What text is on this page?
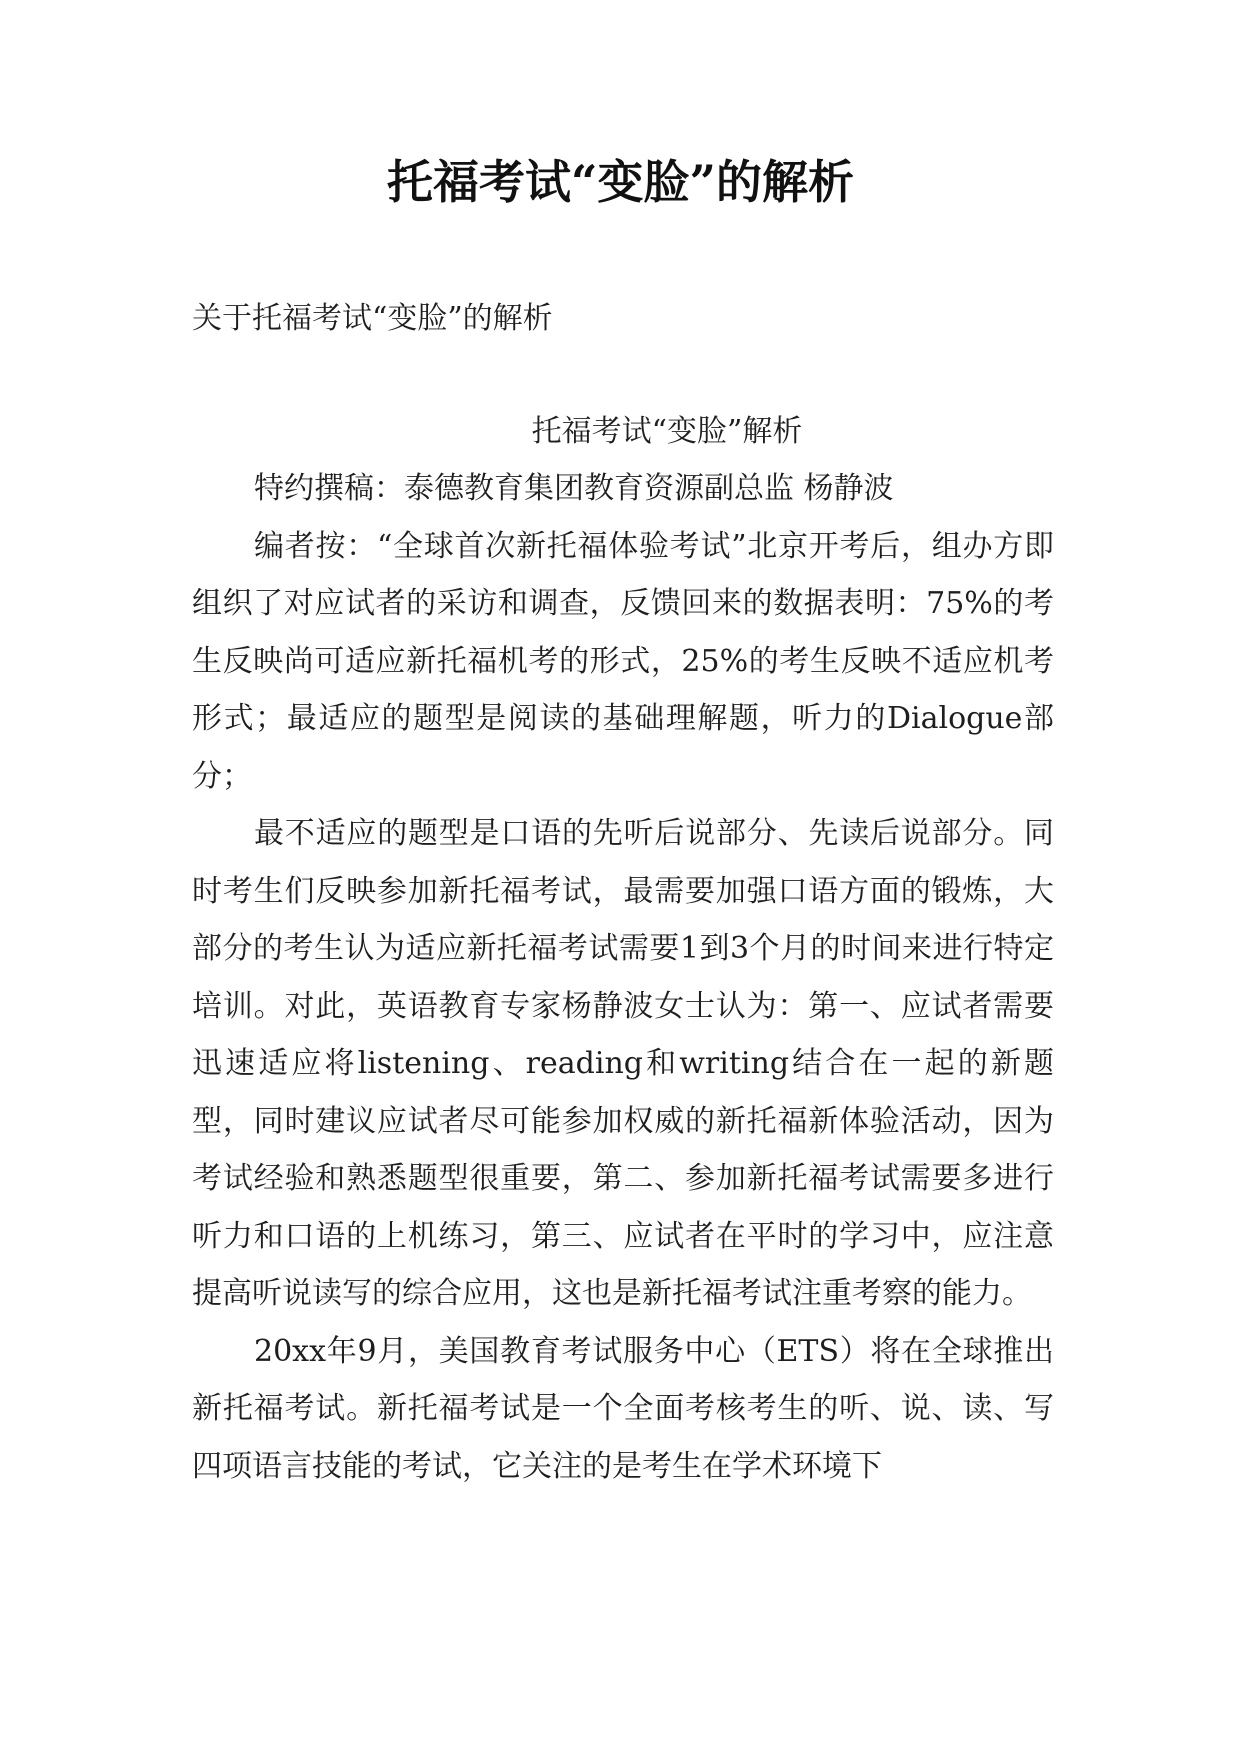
托福考试“变脸”的解析

关于托福考试“变脸”的解析

托福考试“变脸”解析

特约撰稿：泰德教育集团教育资源副总监 杨静波

编者按：“全球首次新托福体验考试”北京开考后，组办方即组织了对应试者的采访和调查，反馈回来的数据表明：75%的考生反映尚可适应新托福机考的形式，25%的考生反映不适应机考形式；最适应的题型是阅读的基础理解题，听力的Dialogue部分；

最不适应的题型是口语的先听后说部分、先读后说部分。同时考生们反映参加新托福考试，最需要加强口语方面的锻炼，大部分的考生认为适应新托福考试需要1到3个月的时间来进行特定培训。对此，英语教育专家杨静波女士认为：第一、应试者需要迅速适应将listening、reading和writing结合在一起的新题型，同时建议应试者尽可能参加权威的新托福新体验活动，因为考试经验和熟悉题型很重要，第二、参加新托福考试需要多进行听力和口语的上机练习，第三、应试者在平时的学习中，应注意提高听说读写的综合应用，这也是新托福考试注重考察的能力。

20xx年9月，美国教育考试服务中心（ETS）将在全球推出新托福考试。新托福考试是一个全面考核考生的听、说、读、写四项语言技能的考试，它关注的是考生在学术环境下
